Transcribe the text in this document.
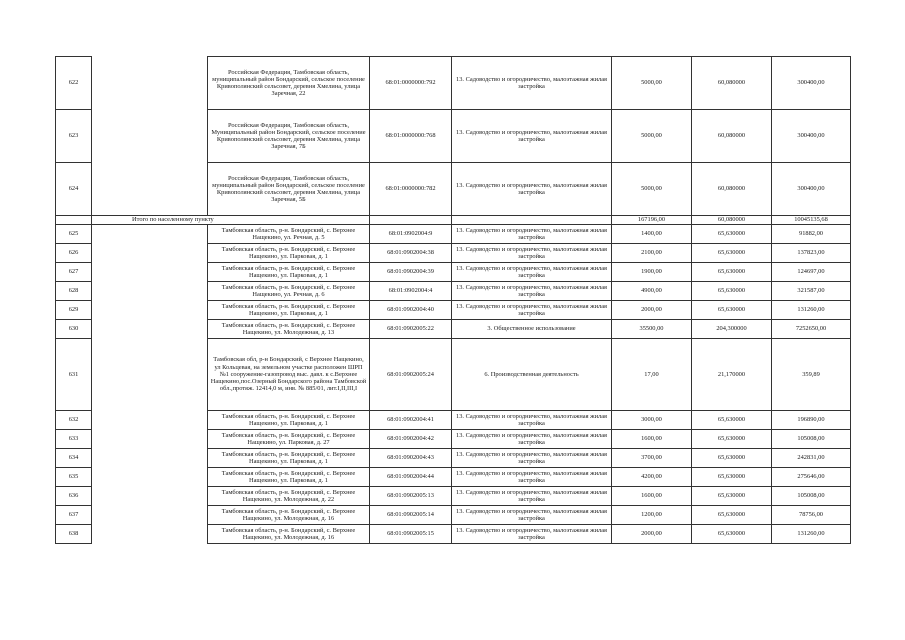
622		Российская Федерация, Тамбовская область, муниципальный район Бондарский, сельское поселение Кривополянский сельсовет, деревня Хмелина, улица Заречная, 22	68:01:0000000:792	13. Садоводство и огородничество, малоэтажная жилая застройка	5000,00	60,080000	300400,00
623		Российская Федерация, Тамбовская область, Муниципальный район Бондарский, сельское поселение Кривополянский сельсовет, деревня Хмелина, улица Заречная, 7Б	68:01:0000000:768	13. Садоводство и огородничество, малоэтажная жилая застройка	5000,00	60,080000	300400,00
624		Российская Федерация, Тамбовская область, муниципальный район Бондарский, сельское поселение Кривополянский сельсовет, деревня Хмелина, улица Заречная, 5Б	68:01:0000000:782	13. Садоводство и огородничество, малоэтажная жилая застройка	5000,00	60,080000	300400,00
	Итого по населенному пункту				167196,00	60,080000	10045135,68
625		Тамбовская область, р-н. Бондарский, с. Верхнее Нащекино, ул. Речная, д. 5	68:01:0902004:9	13. Садоводство и огородничество, малоэтажная жилая застройка	1400,00	65,630000	91882,00
626		Тамбовская область, р-н. Бондарский, с. Верхнее Нащекино, ул. Парковая, д. 1	68:01:0902004:38	13. Садоводство и огородничество, малоэтажная жилая застройка	2100,00	65,630000	137823,00
627		Тамбовская область, р-н. Бондарский, с. Верхнее Нащекино, ул. Парковая, д. 1	68:01:0902004:39	13. Садоводство и огородничество, малоэтажная жилая застройка	1900,00	65,630000	124697,00
628		Тамбовская область, р-н. Бондарский, с. Верхнее Нащекино, ул. Речная, д. 6	68:01:0902004:4	13. Садоводство и огородничество, малоэтажная жилая застройка	4900,00	65,630000	321587,00
629		Тамбовская область, р-н. Бондарский, с. Верхнее Нащекино, ул. Парковая, д. 1	68:01:0902004:40	13. Садоводство и огородничество, малоэтажная жилая застройка	2000,00	65,630000	131260,00
630		Тамбовская область, р-н. Бондарский, с. Верхнее Нащекино, ул. Молодежная, д. 13	68:01:0902005:22	3. Общественное использование	35500,00	204,300000	7252650,00
631		Тамбовская обл, р-н Бондарский, с Верхнее Нащекино, ул Кольцевая, на земельном участке расположен ШРП №1 сооружение-газопровод выс. давл. к с.Верхнее Нащекино,пос.Озерный Бондарского района Тамбовской обл.,протяж. 12414,0 м, инв. № 885/01, лит.I,II,III,I	68:01:0902005:24	6. Производственная деятельность	17,00	21,170000	359,89
632		Тамбовская область, р-н. Бондарский, с. Верхнее Нащекино, ул. Парковая, д. 1	68:01:0902004:41	13. Садоводство и огородничество, малоэтажная жилая застройка	3000,00	65,630000	196890,00
633		Тамбовская область, р-н. Бондарский, с. Верхнее Нащекино, ул. Парковая, д. 27	68:01:0902004:42	13. Садоводство и огородничество, малоэтажная жилая застройка	1600,00	65,630000	105008,00
634		Тамбовская область, р-н. Бондарский, с. Верхнее Нащекино, ул. Парковая, д. 1	68:01:0902004:43	13. Садоводство и огородничество, малоэтажная жилая застройка	3700,00	65,630000	242831,00
635		Тамбовская область, р-н. Бондарский, с. Верхнее Нащекино, ул. Парковая, д. 1	68:01:0902004:44	13. Садоводство и огородничество, малоэтажная жилая застройка	4200,00	65,630000	275646,00
636		Тамбовская область, р-н. Бондарский, с. Верхнее Нащекино, ул. Молодежная, д. 22	68:01:0902005:13	13. Садоводство и огородничество, малоэтажная жилая застройка	1600,00	65,630000	105008,00
637		Тамбовская область, р-н. Бондарский, с. Верхнее Нащекино, ул. Молодежная, д. 16	68:01:0902005:14	13. Садоводство и огородничество, малоэтажная жилая застройка	1200,00	65,630000	78756,00
638		Тамбовская область, р-н. Бондарский, с. Верхнее Нащекино, ул. Молодежная, д. 16	68:01:0902005:15	13. Садоводство и огородничество, малоэтажная жилая застройка	2000,00	65,630000	131260,00
